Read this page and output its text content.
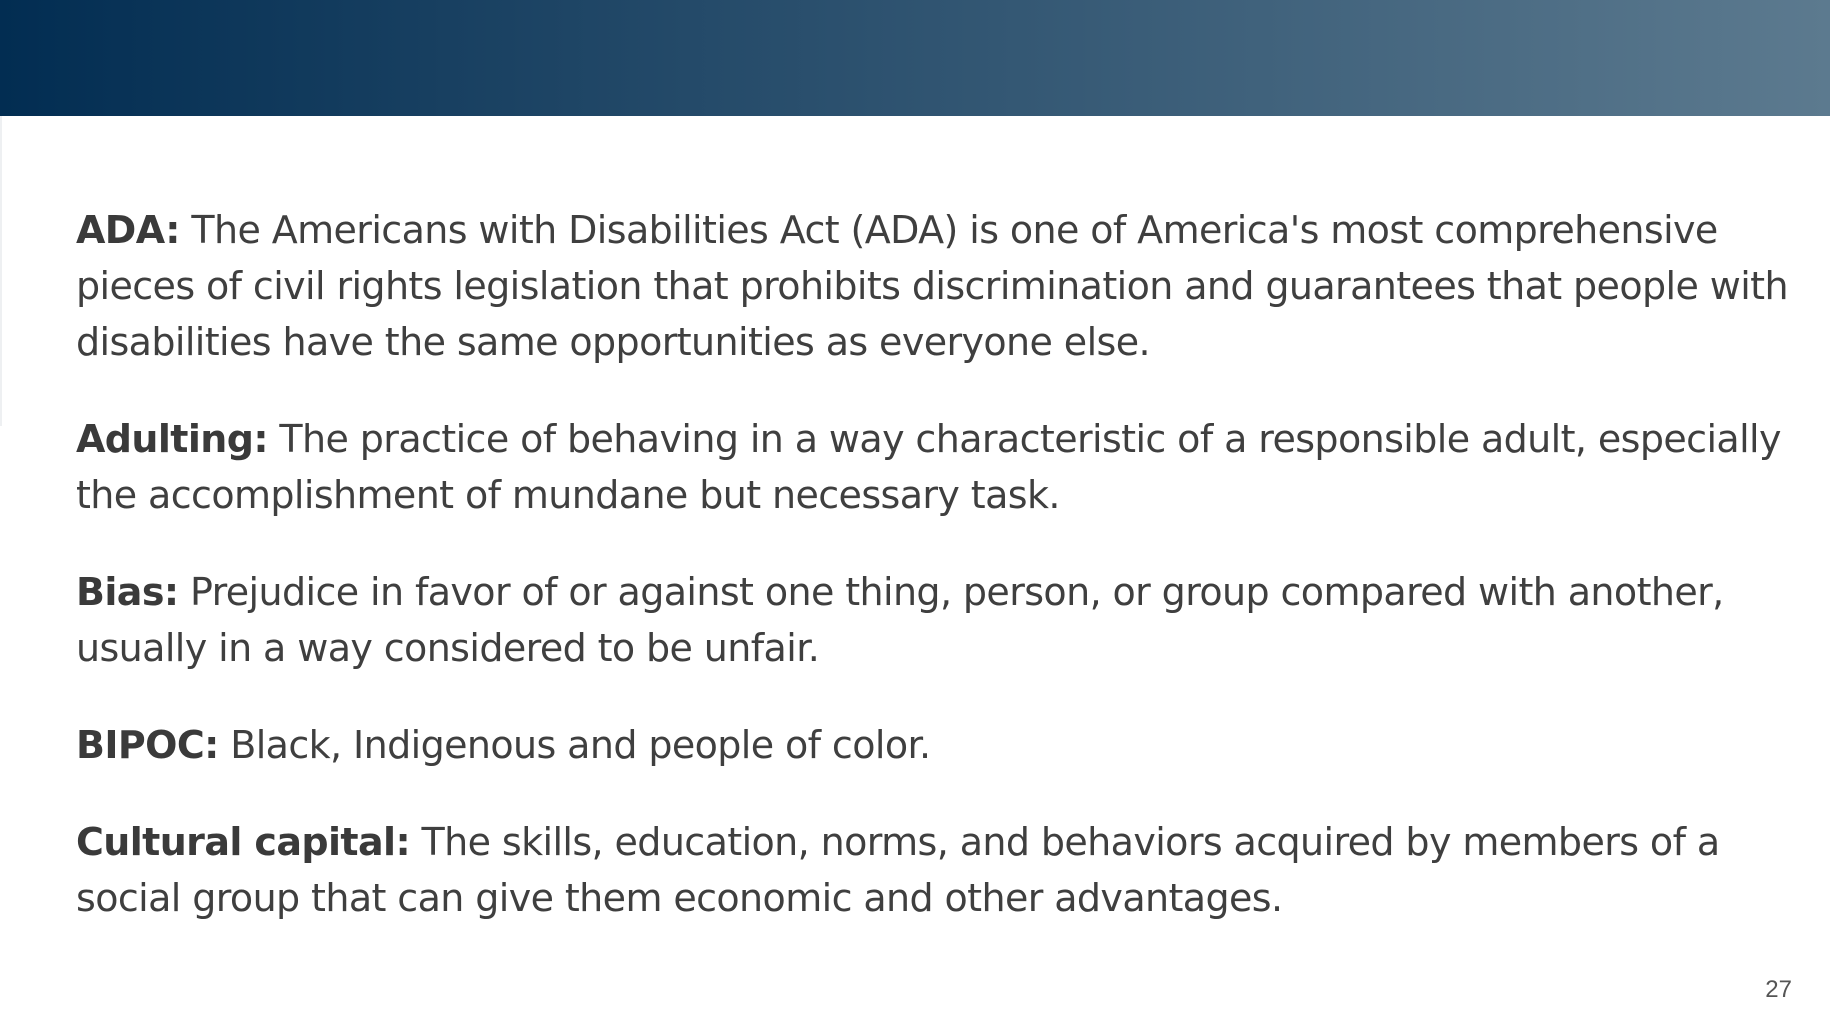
ADA: The Americans with Disabilities Act (ADA) is one of America's most comprehensive pieces of civil rights legislation that prohibits discrimination and guarantees that people with disabilities have the same opportunities as everyone else.

Adulting: The practice of behaving in a way characteristic of a responsible adult, especially the accomplishment of mundane but necessary task.

Bias: Prejudice in favor of or against one thing, person, or group compared with another, usually in a way considered to be unfair.

BIPOC: Black, Indigenous and people of color.

Cultural capital: The skills, education, norms, and behaviors acquired by members of a social group that can give them economic and other advantages.

27
